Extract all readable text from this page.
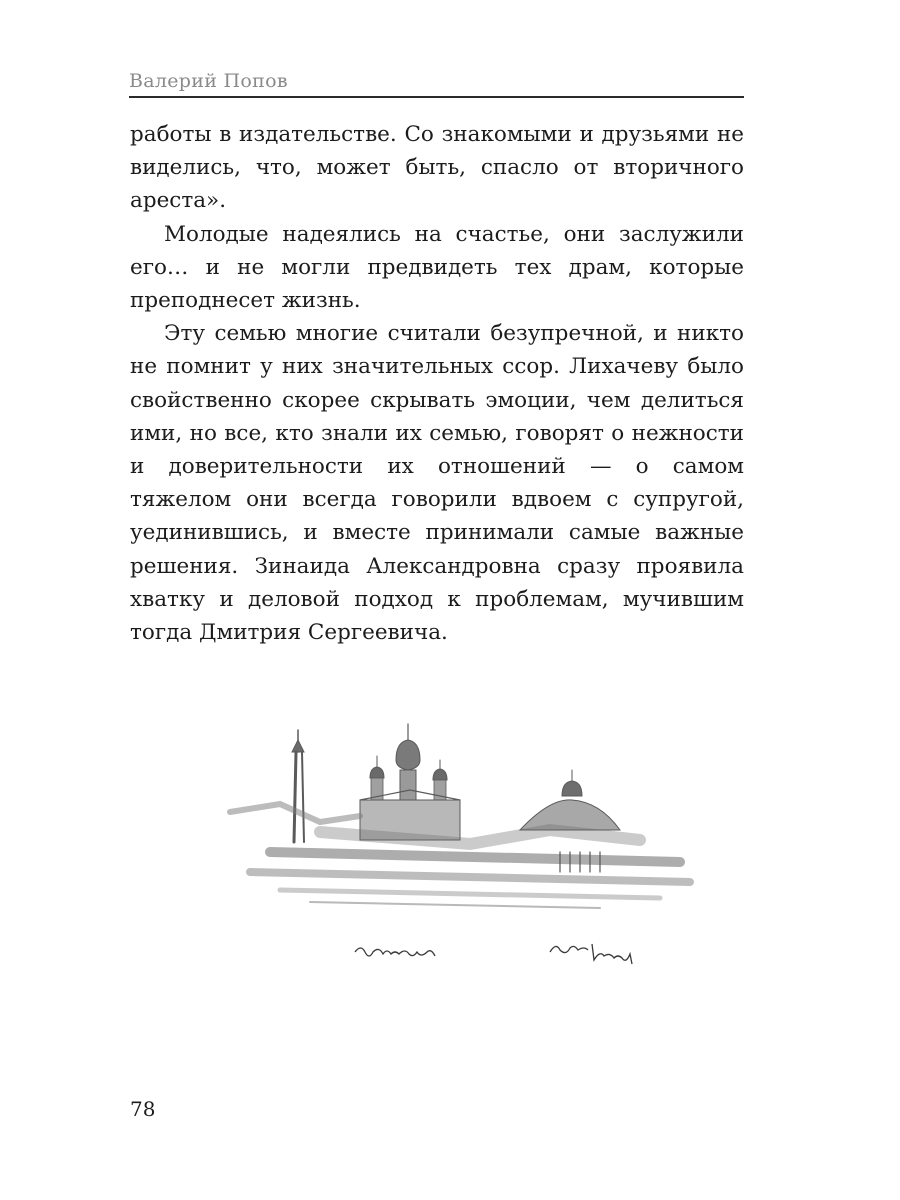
Валерий Попов

работы в издательстве. Со знакомыми и друзьями не виделись, что, может быть, спасло от вторичного ареста».

Молодые надеялись на счастье, они заслужили его… и не могли предвидеть тех драм, которые преподнесет жизнь.

Эту семью многие считали безупречной, и никто не помнит у них значительных ссор. Лихачеву было свойственно скорее скрывать эмоции, чем делиться ими, но все, кто знали их семью, говорят о нежности и доверительности их отношений — о самом тяжелом они всегда говорили вдвоем с супругой, уединившись, и вместе принимали самые важные решения. Зинаида Александровна сразу проявила хватку и деловой подход к проблемам, мучившим тогда Дмитрия Сергеевича.

78
